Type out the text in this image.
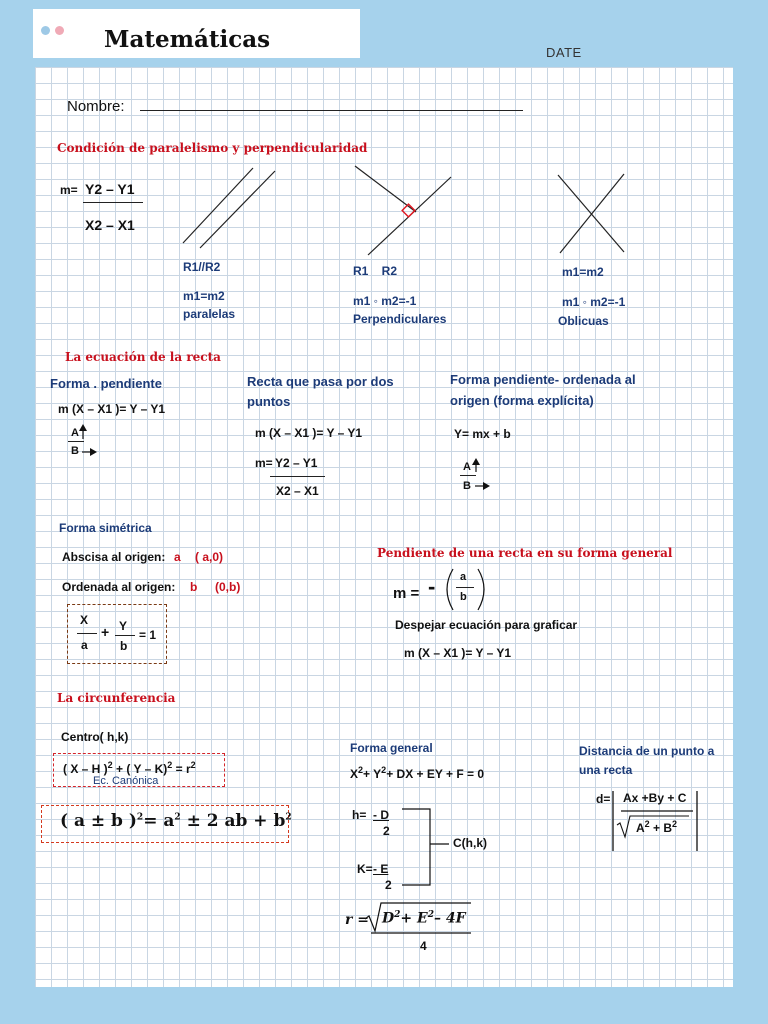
Matemáticas	DATE
Nombre:
Condición de paralelismo y perpendicularidad
m= Y2 – Y1
X2 – X1
R1//R2
m1=m2
paralelas
R1    R2
m1 ◦ m2=-1
Perpendiculares
m1=m2
m1 ◦ m2=-1
Oblicuas
La ecuación de la recta
Forma . pendiente
m (X – X1 )= Y – Y1
A
B
Recta que pasa por dos
puntos
m (X – X1 )= Y – Y1
m= Y2 – Y1
X2 – X1
Forma pendiente- ordenada al
origen (forma explícita)
Y= mx + b
A
B
Forma simétrica
Abscisa al origen: a ( a,0)
Ordenada al origen: b (0,b)
X
a
+ Y
b
= 1
Pendiente de una recta en su forma general
m = - a
b
Despejar ecuación para graficar
m (X – X1 )= Y – Y1
La circunferencia
Centro( h,k)
( X – H )$^2$ + ( $Y - K)^2 = r^2$
Ec. Canónica
( a ± b )$^2= a^2 \pm 2$ ab + $b^2$
Forma general
$X^2+ Y^2+$ DX + EY + F = 0
h= - D
2
K= - E
2
C(h,k)
$r = D^2+ E^2-$ 4F
4
Distancia de un punto a
una recta
d= Ax +By + C
$A^2 + B^2$
